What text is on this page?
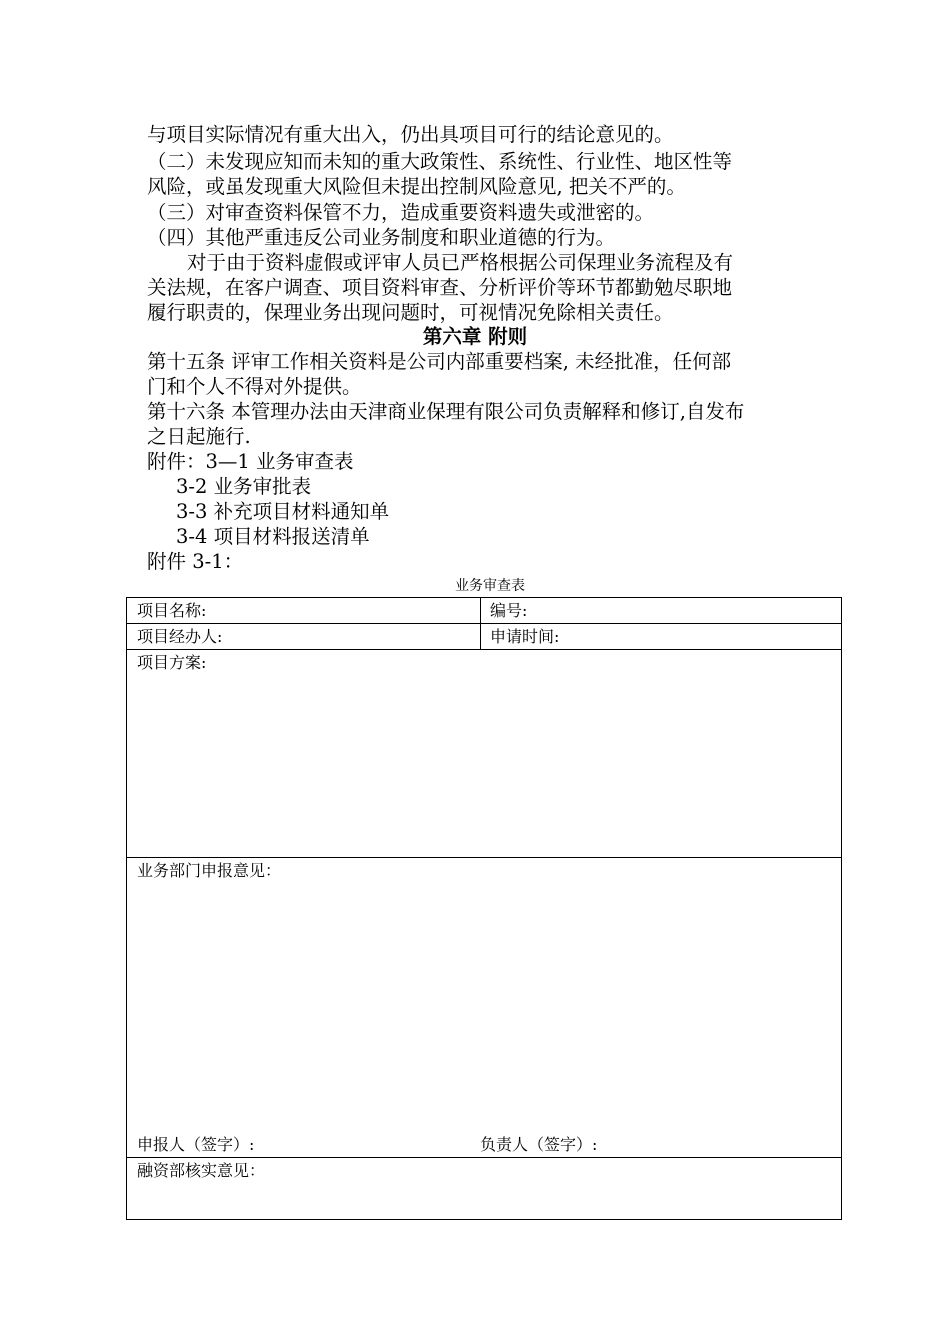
与项目实际情况有重大出入，仍出具项目可行的结论意见的。
（二）未发现应知而未知的重大政策性、系统性、行业性、地区性等
风险，或虽发现重大风险但未提出控制风险意见, 把关不严的。
（三）对审查资料保管不力，造成重要资料遗失或泄密的。
（四）其他严重违反公司业务制度和职业道德的行为。
对于由于资料虚假或评审人员已严格根据公司保理业务流程及有
关法规，在客户调查、项目资料审查、分析评价等环节都勤勉尽职地
履行职责的，保理业务出现问题时，可视情况免除相关责任。
第六章 附则
第十五条 评审工作相关资料是公司内部重要档案, 未经批准，任何部
门和个人不得对外提供。
第十六条 本管理办法由天津商业保理有限公司负责解释和修订,自发布
之日起施行.
附件：3—1 业务审查表
3-2 业务审批表
3-3 补充项目材料通知单
3-4 项目材料报送清单
附件 3-1：
业务审查表
项目名称:	编号:
项目经办人:	申请时间:
项目方案:
业务部门申报意见：
申报人（签字）:	负责人（签字）:
融资部核实意见：
